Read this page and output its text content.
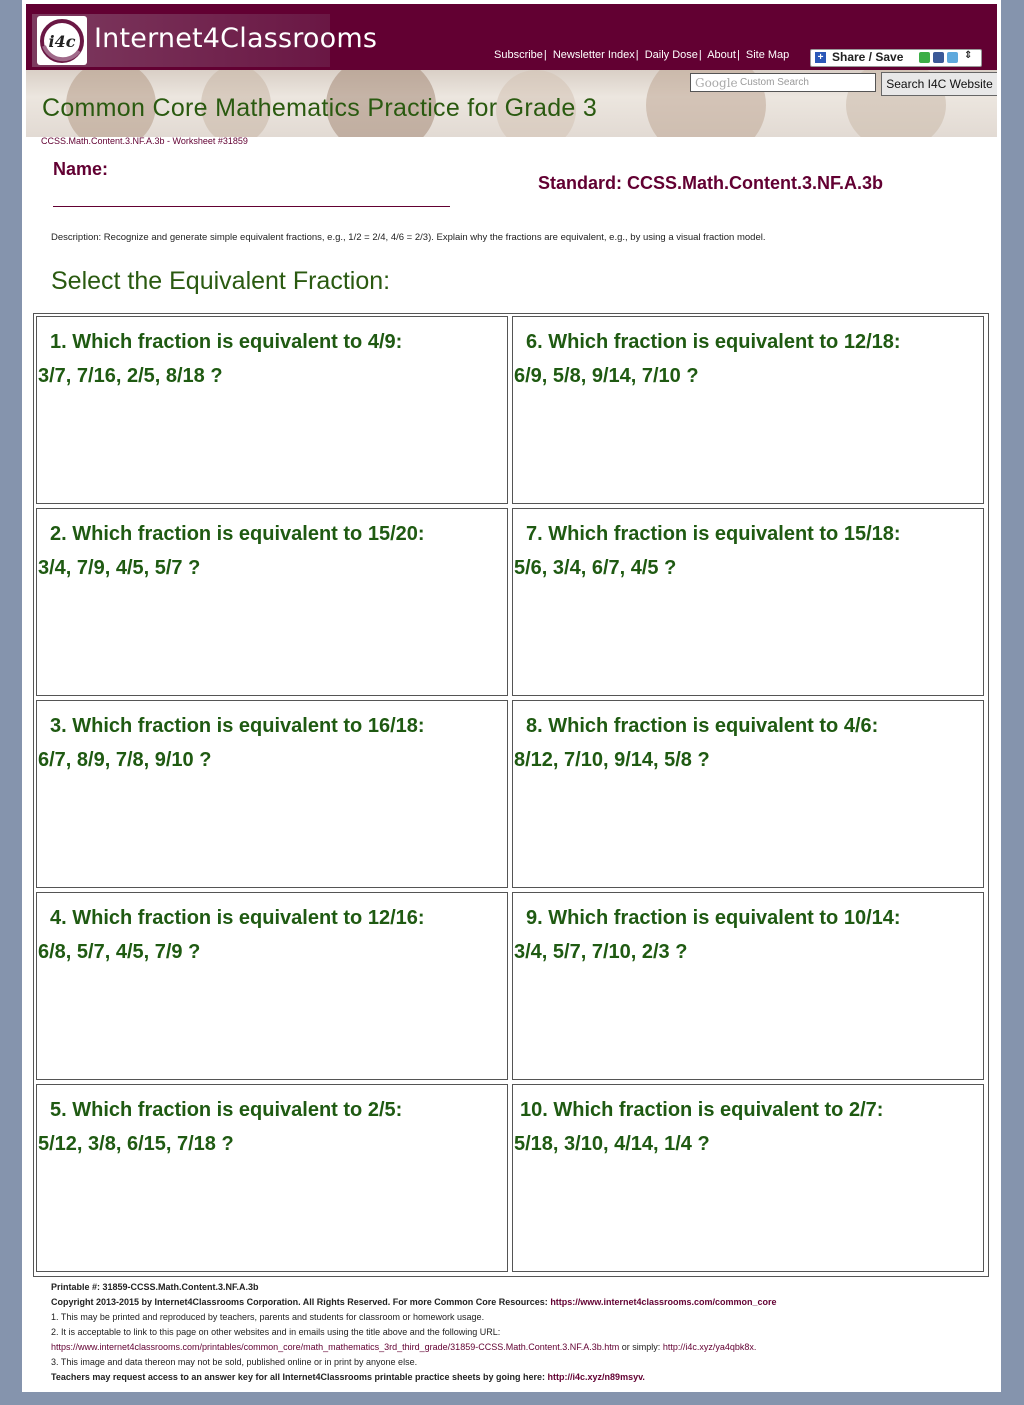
i4c Internet4Classrooms
Subscribe| Newsletter Index| Daily Dose| About| Site Map	+ Share / Save	⇕
Common Core Mathematics Practice for Grade 3
Google Custom Search	Search I4C Website
CCSS.Math.Content.3.NF.A.3b - Worksheet #31859
Name:
Standard: CCSS.Math.Content.3.NF.A.3b
Description: Recognize and generate simple equivalent fractions, e.g., 1/2 = 2/4, 4/6 = 2/3). Explain why the fractions are equivalent, e.g., by using a visual fraction model.
Select the Equivalent Fraction:
1. Which fraction is equivalent to 4/9:
3/7, 7/16, 2/5, 8/18 ?
6. Which fraction is equivalent to 12/18:
6/9, 5/8, 9/14, 7/10 ?
2. Which fraction is equivalent to 15/20:
3/4, 7/9, 4/5, 5/7 ?
7. Which fraction is equivalent to 15/18:
5/6, 3/4, 6/7, 4/5 ?
3. Which fraction is equivalent to 16/18:
6/7, 8/9, 7/8, 9/10 ?
8. Which fraction is equivalent to 4/6:
8/12, 7/10, 9/14, 5/8 ?
4. Which fraction is equivalent to 12/16:
6/8, 5/7, 4/5, 7/9 ?
9. Which fraction is equivalent to 10/14:
3/4, 5/7, 7/10, 2/3 ?
5. Which fraction is equivalent to 2/5:
5/12, 3/8, 6/15, 7/18 ?
10. Which fraction is equivalent to 2/7:
5/18, 3/10, 4/14, 1/4 ?
Printable #: 31859-CCSS.Math.Content.3.NF.A.3b
Copyright 2013-2015 by Internet4Classrooms Corporation. All Rights Reserved. For more Common Core Resources: https://www.internet4classrooms.com/common_core
1. This may be printed and reproduced by teachers, parents and students for classroom or homework usage.
2. It is acceptable to link to this page on other websites and in emails using the title above and the following URL:
https://www.internet4classrooms.com/printables/common_core/math_mathematics_3rd_third_grade/31859-CCSS.Math.Content.3.NF.A.3b.htm or simply: http://i4c.xyz/ya4qbk8x.
3. This image and data thereon may not be sold, published online or in print by anyone else.
Teachers may request access to an answer key for all Internet4Classrooms printable practice sheets by going here: http://i4c.xyz/n89msyv.
